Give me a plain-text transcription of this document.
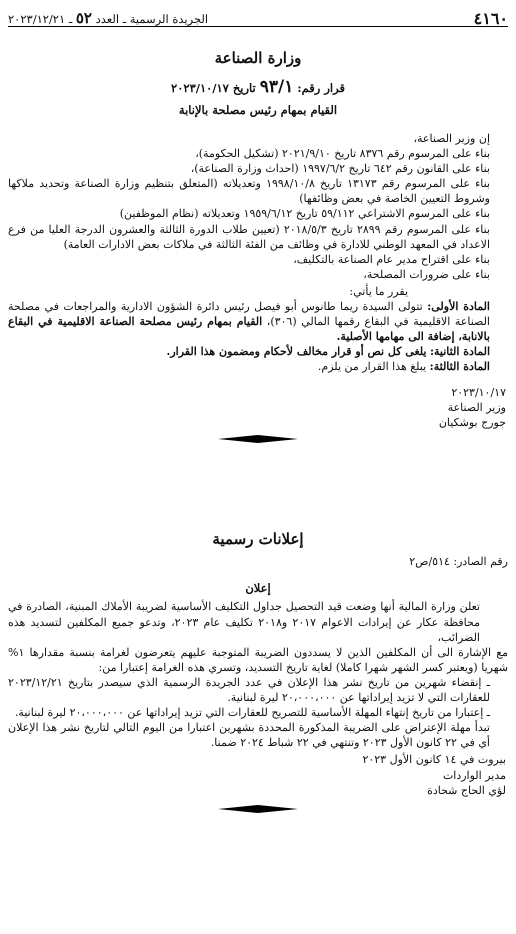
٤١٦٠
الجريدة الرسمية ـ العدد ٥٢ ـ ٢٠٢٣/١٢/٢١
وزارة الصناعة
قرار رقم: ٩٣/١ تاريخ ٢٠٢٣/١٠/١٧
القيام بمهام رئيس مصلحة بالإنابة

إن وزير الصناعة،

بناء على المرسوم رقم ٨٣٧٦ تاريخ ٢٠٢١/٩/١٠ (تشكيل الحكومة)،

بناء على القانون رقم ٦٤٢ تاريخ ١٩٩٧/٦/٢ (احداث وزارة الصناعة)،

بناء على المرسوم رقم ١٣١٧٣ تاريخ ١٩٩٨/١٠/٨ وتعديلاته (المتعلق بتنظيم وزارة الصناعة وتحديد ملاكها وشروط التعيين الخاصة في بعض وظائفها)

بناء على المرسوم الاشتراعي ٥٩/١١٢ تاريخ ١٩٥٩/٦/١٢ وتعديلاته (نظام الموظفين)

بناء على المرسوم رقم ٢٨٩٩ تاريخ ٢٠١٨/٥/٣ (تعيين طلاب الدورة الثالثة والعشرون الدرجة العليا من فرع الاعداد في المعهد الوطني للادارة في وظائف من الفئة الثالثة في ملاكات بعض الادارات العامة)

بناء على اقتراح مدير عام الصناعة بالتكليف،

بناء على ضرورات المصلحة،

يقرر ما يأتي:

المادة الأولى: تتولى السيدة ريما طانوس أبو فيصل رئيس دائرة الشؤون الادارية والمراجعات في مصلحة الصناعة الاقليمية في البقاع رقمها المالي (٣٠٦)، القيام بمهام رئيس مصلحة الصناعة الاقليمية في البقاع بالانابة، إضافة الى مهامها الأصلية.

المادة الثانية: يلغى كل نص أو قرار مخالف لأحكام ومضمون هذا القرار.

المادة الثالثة: يبلغ هذا القرار من يلزم.

٢٠٢٣/١٠/١٧
وزير الصناعة
جورج بوشكيان
إعلانات رسمية

رقم الصادر: ٥١٤/ص٢

إعلان

تعلن وزارة المالية أنها وضعت قيد التحصيل جداول التكليف الأساسية لضريبة الأملاك المبنية، الصادرة في محافظة عكار عن إيرادات الاعوام ٢٠١٧ و٢٠١٨ تكليف عام ٢٠٢٣، وتدعو جميع المكلفين لتسديد هذه الضرائب،

مع الإشارة الى أن المكلفين الذين لا يسددون الضريبة المتوجبة عليهم يتعرضون لغرامة بنسبة مقدارها ١% شهريا (ويعتبر كسر الشهر شهرا كاملا) لغاية تاريخ التسديد، وتسري هذه الغرامة إعتبارا من:

ـ إنقضاء شهرين من تاريخ نشر هذا الإعلان في عدد الجريدة الرسمية الذي سيصدر بتاريخ ٢٠٢٣/١٢/٢١ للعقارات التي لا تزيد إيراداتها عن ٢٠،٠٠٠،٠٠٠ ليرة لبنانية.

ـ إعتبارا من تاريخ إنتهاء المهلة الأساسية للتصريح للعقارات التي تزيد إيراداتها عن ٢٠،٠٠٠،٠٠٠ ليرة لبنانية.

تبدأ مهلة الإعتراض على الضريبة المذكورة المحددة بشهرين اعتبارا من اليوم التالي لتاريخ نشر هذا الإعلان أي في ٢٢ كانون الأول ٢٠٢٣ وتنتهي في ٢٢ شباط ٢٠٢٤ ضمنا.

بيروت في ١٤ كانون الأول ٢٠٢٣
مدير الواردات
لؤي الحاج شحادة
